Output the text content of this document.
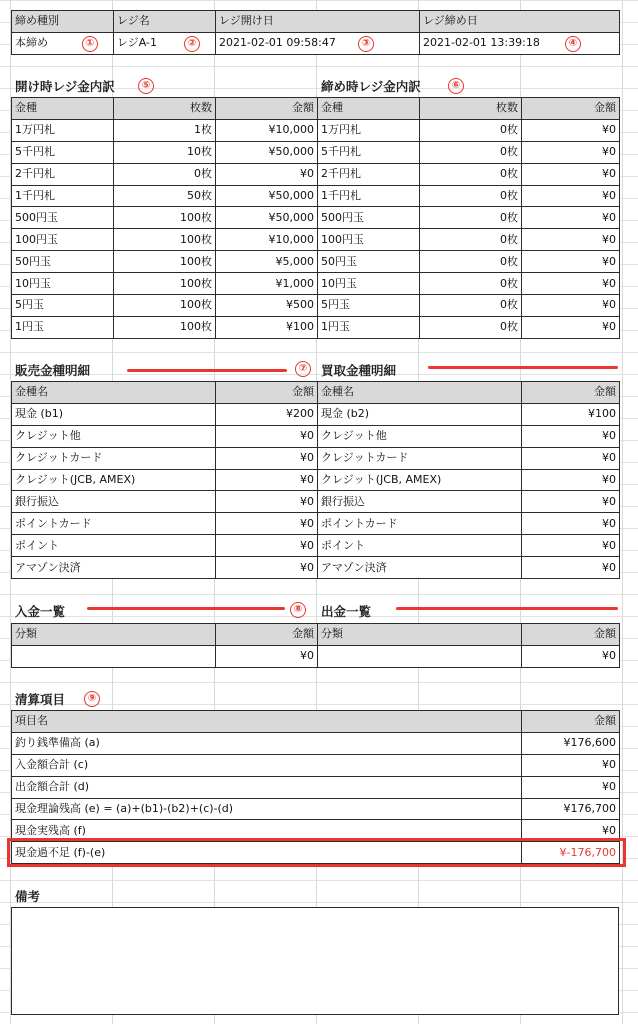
締め種別	レジ名	レジ開け日	レジ締め日
本締め	レジA-1	2021-02-01 09:58:47	2021-02-01 13:39:18
①	②	③	④
開け時レジ金内訳	⑤	締め時レジ金内訳	⑥
金種	枚数	金額
1万円札	1枚	¥10,000
5千円札	10枚	¥50,000
2千円札	0枚	¥0
1千円札	50枚	¥50,000
500円玉	100枚	¥50,000
100円玉	100枚	¥10,000
50円玉	100枚	¥5,000
10円玉	100枚	¥1,000
5円玉	100枚	¥500
1円玉	100枚	¥100
金種	枚数	金額
1万円札	0枚	¥0
5千円札	0枚	¥0
2千円札	0枚	¥0
1千円札	0枚	¥0
500円玉	0枚	¥0
100円玉	0枚	¥0
50円玉	0枚	¥0
10円玉	0枚	¥0
5円玉	0枚	¥0
1円玉	0枚	¥0
販売金種明細	⑦	買取金種明細
金種名	金額
現金 (b1)	¥200
クレジット他	¥0
クレジットカード	¥0
クレジット(JCB, AMEX)	¥0
銀行振込	¥0
ポイントカード	¥0
ポイント	¥0
アマゾン決済	¥0
金種名	金額
現金 (b2)	¥100
クレジット他	¥0
クレジットカード	¥0
クレジット(JCB, AMEX)	¥0
銀行振込	¥0
ポイントカード	¥0
ポイント	¥0
アマゾン決済	¥0
入金一覧	⑧	出金一覧
分類	金額
	¥0
分類	金額
	¥0
清算項目	⑨
項目名	金額
釣り銭準備高 (a)	¥176,600
入金額合計 (c)	¥0
出金額合計 (d)	¥0
現金理論残高 (e) = (a)+(b1)-(b2)+(c)-(d)	¥176,700
現金実残高 (f)	¥0
現金過不足 (f)-(e)	¥-176,700
備考
